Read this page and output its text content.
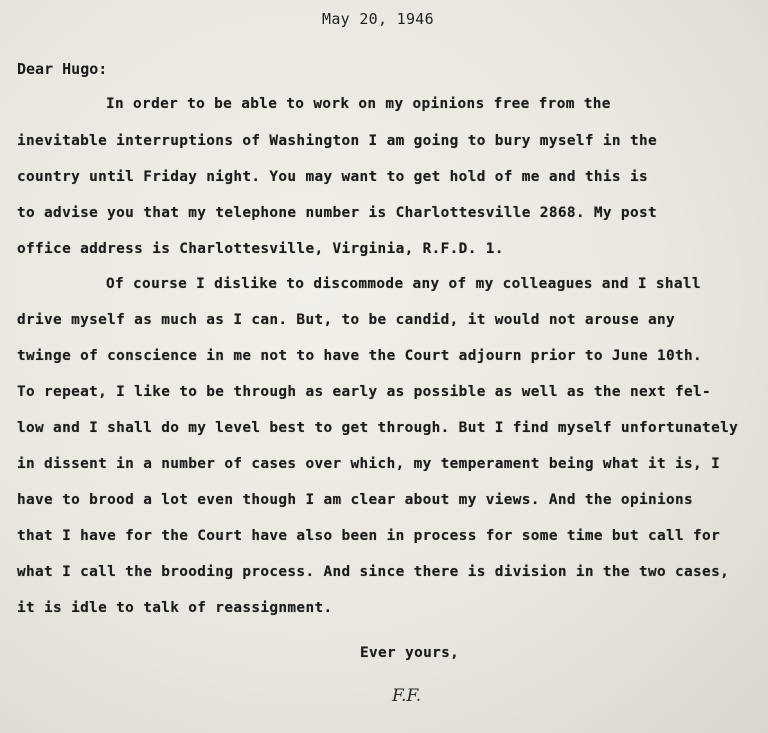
May 20, 1946
Dear Hugo:
In order to be able to work on my opinions free from the
inevitable interruptions of Washington I am going to bury myself in the
country until Friday night. You may want to get hold of me and this is
to advise you that my telephone number is Charlottesville 2868. My post
office address is Charlottesville, Virginia, R.F.D. 1.
Of course I dislike to discommode any of my colleagues and I shall
drive myself as much as I can. But, to be candid, it would not arouse any
twinge of conscience in me not to have the Court adjourn prior to June 10th.
To repeat, I like to be through as early as possible as well as the next fel-
low and I shall do my level best to get through. But I find myself unfortunately
in dissent in a number of cases over which, my temperament being what it is, I
have to brood a lot even though I am clear about my views. And the opinions
that I have for the Court have also been in process for some time but call for
what I call the brooding process. And since there is division in the two cases,
it is idle to talk of reassignment.
Ever yours,
F.F.
